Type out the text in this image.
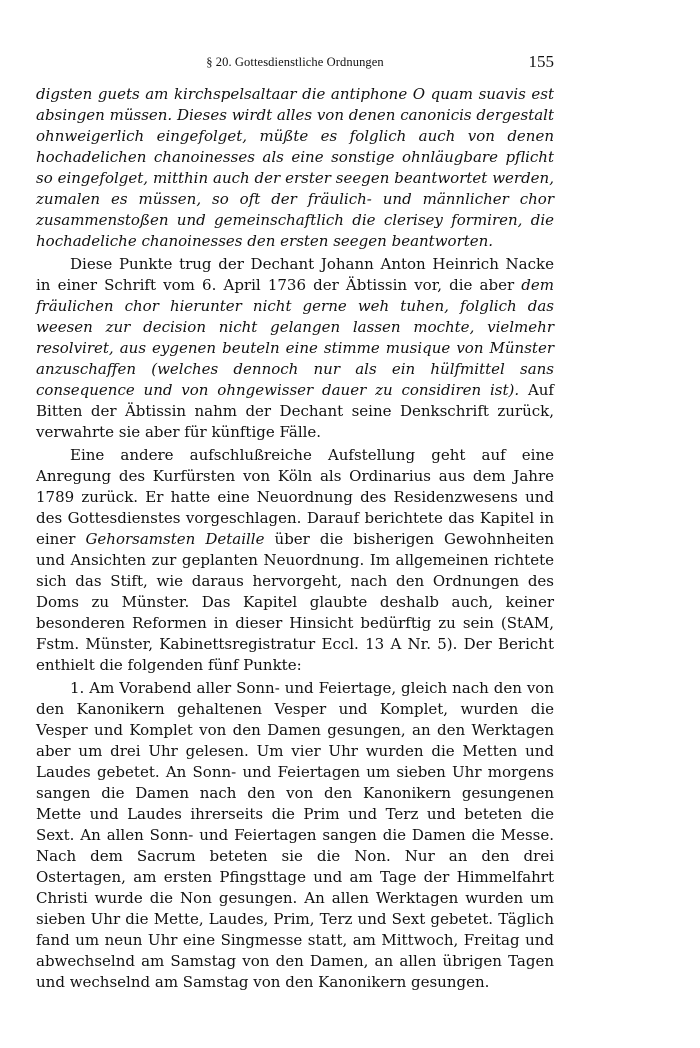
§ 20. Gottesdienstliche Ordnungen	155

digsten guets am kirchspelsaltaar die antiphone O quam suavis est absingen müssen. Dieses wirdt alles von denen canonicis dergestalt ohnweigerlich eingefolget, müßte es folglich auch von denen hochadelichen chanoinesses als eine sonstige ohnläugbare pflicht so eingefolget, mitthin auch der erster seegen beantwortet werden, zumalen es müssen, so oft der fräulich- und männlicher chor zusammenstoßen und gemeinschaftlich die clerisey formiren, die hochadeliche chanoinesses den ersten seegen beantworten.

Diese Punkte trug der Dechant Johann Anton Heinrich Nacke in einer Schrift vom 6. April 1736 der Äbtissin vor, die aber dem fräulichen chor hierunter nicht gerne weh tuhen, folglich das weesen zur decision nicht gelangen lassen mochte, vielmehr resolviret, aus eygenen beuteln eine stimme musique von Münster anzuschaffen (welches dennoch nur als ein hülfmittel sans consequence und von ohngewisser dauer zu considiren ist). Auf Bitten der Äbtissin nahm der Dechant seine Denkschrift zurück, verwahrte sie aber für künftige Fälle.

Eine andere aufschlußreiche Aufstellung geht auf eine Anregung des Kurfürsten von Köln als Ordinarius aus dem Jahre 1789 zurück. Er hatte eine Neuordnung des Residenzwesens und des Gottesdienstes vorgeschlagen. Darauf berichtete das Kapitel in einer Gehorsamsten Detaille über die bisherigen Gewohnheiten und Ansichten zur geplanten Neuordnung. Im allgemeinen richtete sich das Stift, wie daraus hervorgeht, nach den Ordnungen des Doms zu Münster. Das Kapitel glaubte deshalb auch, keiner besonderen Reformen in dieser Hinsicht bedürftig zu sein (StAM, Fstm. Münster, Kabinettsregistratur Eccl. 13 A Nr. 5). Der Bericht enthielt die folgenden fünf Punkte:

1. Am Vorabend aller Sonn- und Feiertage, gleich nach den von den Kanonikern gehaltenen Vesper und Komplet, wurden die Vesper und Komplet von den Damen gesungen, an den Werktagen aber um drei Uhr gelesen. Um vier Uhr wurden die Metten und Laudes gebetet. An Sonn- und Feiertagen um sieben Uhr morgens sangen die Damen nach den von den Kanonikern gesungenen Mette und Laudes ihrerseits die Prim und Terz und beteten die Sext. An allen Sonn- und Feiertagen sangen die Damen die Messe. Nach dem Sacrum beteten sie die Non. Nur an den drei Ostertagen, am ersten Pfingsttage und am Tage der Himmelfahrt Christi wurde die Non gesungen. An allen Werktagen wurden um sieben Uhr die Mette, Laudes, Prim, Terz und Sext gebetet. Täglich fand um neun Uhr eine Singmesse statt, am Mittwoch, Freitag und abwechselnd am Samstag von den Damen, an allen übrigen Tagen und wechselnd am Samstag von den Kanonikern gesungen.
